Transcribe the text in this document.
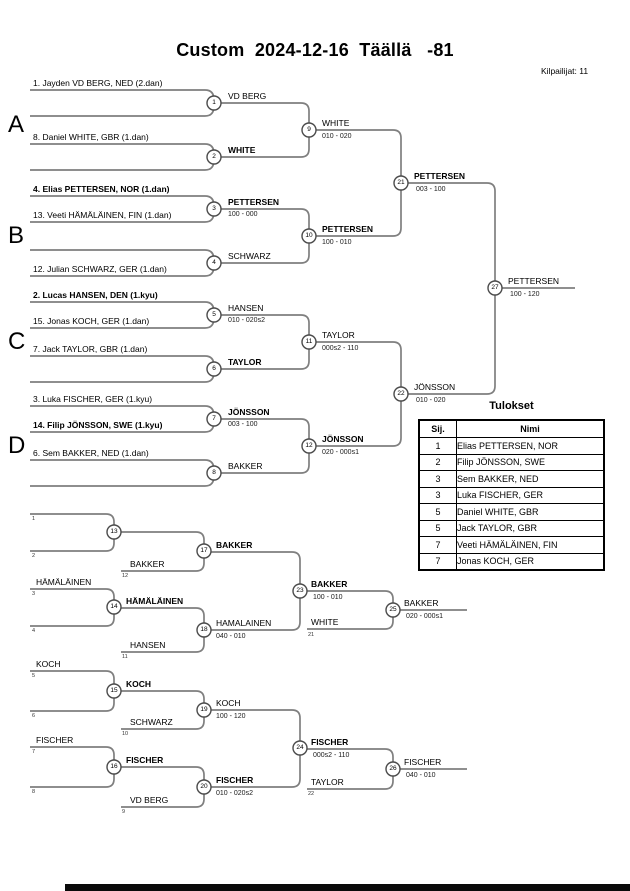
Custom  2024-12-16  Täällä   -81
Kilpailijat: 11
A
B
C
D
1. Jayden VD BERG, NED (2.dan)
8. Daniel WHITE, GBR (1.dan)
4. Elias PETTERSEN, NOR (1.dan)
13. Veeti HÄMÄLÄINEN, FIN (1.dan)
12. Julian SCHWARZ, GER (1.dan)
2. Lucas HANSEN, DEN (1.kyu)
15. Jonas KOCH, GER (1.dan)
7. Jack TAYLOR, GBR (1.dan)
3. Luka FISCHER, GER (1.kyu)
14. Filip JÖNSSON, SWE (1.kyu)
6. Sem BAKKER, NED (1.dan)
VD BERG
WHITE
PETTERSEN
100 - 000
SCHWARZ
HANSEN
010 - 020s2
TAYLOR
JÖNSSON
003 - 100
BAKKER
WHITE
010 - 020
PETTERSEN
100 - 010
TAYLOR
000s2 - 110
JÖNSSON
020 - 000s1
PETTERSEN
003 - 100
JÖNSSON
010 - 020
PETTERSEN
100 - 120
HÄMÄLÄINEN
KOCH
FISCHER
BAKKER
HANSEN
SCHWARZ
VD BERG
WHITE
TAYLOR
HÄMÄLÄINEN
KOCH
FISCHER
BAKKER
HAMALAINEN
040 - 010
KOCH
100 - 120
FISCHER
010 - 020s2
BAKKER
100 - 010
FISCHER
000s2 - 110
BAKKER
020 - 000s1
FISCHER
040 - 010
1
2
3
4
5
6
7
8
12
11
10
9
21
22
1
2
3
4
5
6
7
8
9
10
11
12
21
22
27
13
14
15
16
17
18
19
20
23
24
25
26
Tulokset
Sij.	Nimi
1	Elias PETTERSEN, NOR
2	Filip JÖNSSON, SWE
3	Sem BAKKER, NED
3	Luka FISCHER, GER
5	Daniel WHITE, GBR
5	Jack TAYLOR, GBR
7	Veeti HÄMÄLÄINEN, FIN
7	Jonas KOCH, GER
